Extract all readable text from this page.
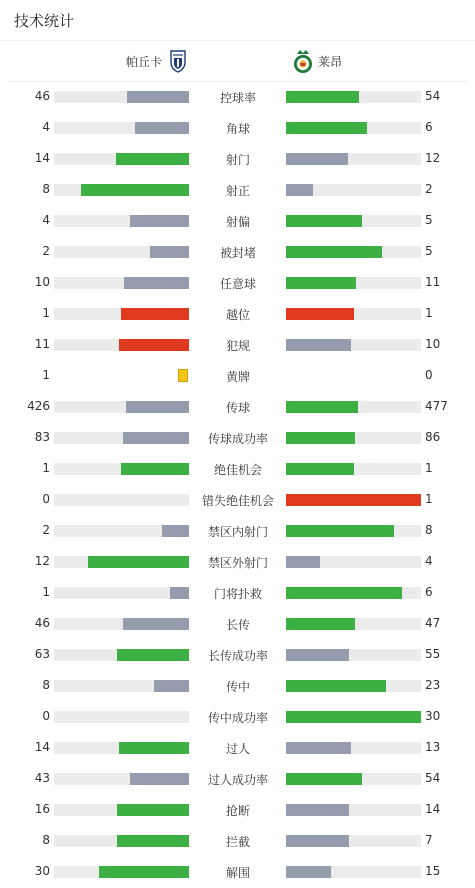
技术统计
帕丘卡	莱昂
46	控球率	54
4	角球	6
14	射门	12
8	射正	2
4	射偏	5
2	被封堵	5
10	任意球	11
1	越位	1
11	犯规	10
1	黄牌	0
426	传球	477
83	传球成功率	86
1	绝佳机会	1
0	错失绝佳机会	1
2	禁区内射门	8
12	禁区外射门	4
1	门将扑救	6
46	长传	47
63	长传成功率	55
8	传中	23
0	传中成功率	30
14	过人	13
43	过人成功率	54
16	抢断	14
8	拦截	7
30	解围	15
